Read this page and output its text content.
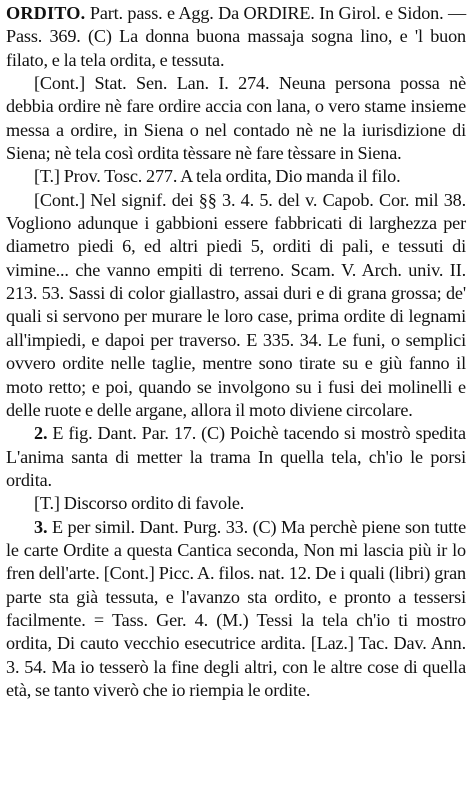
ORDITO. Part. pass. e Agg. Da ORDIRE. In Girol. e Sidon. — Pass. 369. (C) La donna buona massaja sogna lino, e 'l buon filato, e la tela ordita, e tessuta.

[Cont.] Stat. Sen. Lan. I. 274. Neuna persona possa nè debbia ordire nè fare ordire accia con lana, o vero stame insieme messa a ordire, in Siena o nel contado nè ne la iurisdizione di Siena; nè tela così ordita tèssare nè fare tèssare in Siena.

[T.] Prov. Tosc. 277. A tela ordita, Dio manda il filo.

[Cont.] Nel signif. dei §§ 3. 4. 5. del v. Capob. Cor. mil 38. Vogliono adunque i gabbioni essere fabbricati di larghezza per diametro piedi 6, ed altri piedi 5, orditi di pali, e tessuti di vimine... che vanno empiti di terreno. Scam. V. Arch. univ. II. 213. 53. Sassi di color giallastro, assai duri e di grana grossa; de' quali si servono per murare le loro case, prima ordite di legnami all'impiedi, e dapoi per traverso. E 335. 34. Le funi, o semplici ovvero ordite nelle taglie, mentre sono tirate su e giù fanno il moto retto; e poi, quando se involgono su i fusi dei molinelli e delle ruote e delle argane, allora il moto diviene circolare.

2. E fig. Dant. Par. 17. (C) Poichè tacendo si mostrò spedita L'anima santa di metter la trama In quella tela, ch'io le porsi ordita.

[T.] Discorso ordito di favole.

3. E per simil. Dant. Purg. 33. (C) Ma perchè piene son tutte le carte Ordite a questa Cantica seconda, Non mi lascia più ir lo fren dell'arte. [Cont.] Picc. A. filos. nat. 12. De i quali (libri) gran parte sta già tessuta, e l'avanzo sta ordito, e pronto a tessersi facilmente. = Tass. Ger. 4. (M.) Tessi la tela ch'io ti mostro ordita, Di cauto vecchio esecutrice ardita. [Laz.] Tac. Dav. Ann. 3. 54. Ma io tesserò la fine degli altri, con le altre cose di quella età, se tanto viverò che io riempia le ordite.
